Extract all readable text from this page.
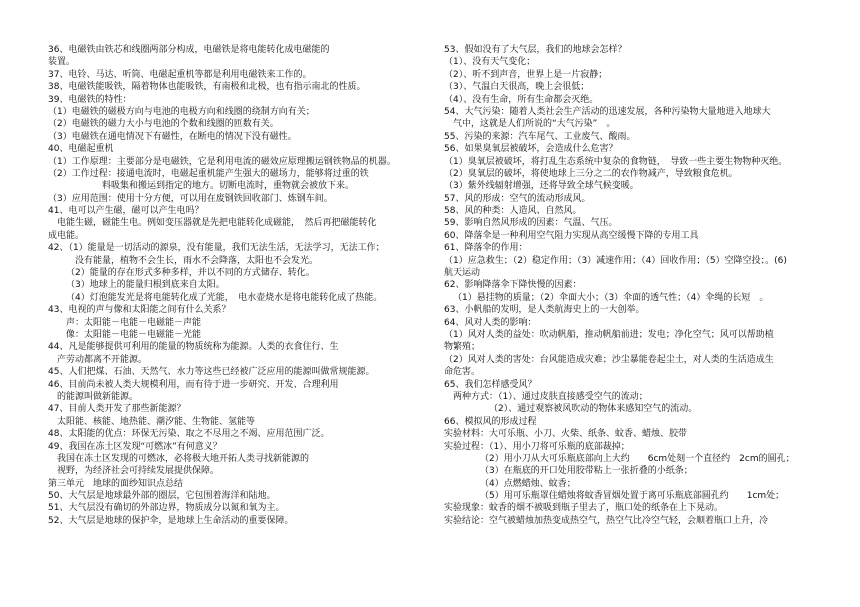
36、电磁铁由铁芯和线圈两部分构成，电磁铁是将电能转化成电磁能的
装置。
37、电铃、马达、听筒、电磁起重机等都是利用电磁铁来工作的。
38、电磁铁能吸铁，隔着物体也能吸铁，有南极和北极，也有指示南北的性质。
39、电磁铁的特性：
（1）电磁铁的磁极方向与电池的电极方向和线圈的绕制方向有关；
（2）电磁铁的磁力大小与电池的个数和线圈的匝数有关。
（3）电磁铁在通电情况下有磁性，在断电的情况下没有磁性。
40、电磁起重机
（1）工作原理：主要部分是电磁铁，它是利用电流的磁效应原理搬运钢铁物品的机器。
（2）工作过程：接通电流时，电磁起重机能产生强大的磁场力，能够将过重的铁
料吸集和搬运到指定的地方。切断电流时，重物就会被放下来。
（3）应用范围：使用十分方便，可以用在废钢铁回收部门、炼钢车间。
41、电可以产生磁，磁可以产生电吗？
电能生磁，磁能生电。例如变压器就是先把电能转化成磁能，　然后再把磁能转化
成电能。
42、（1）能量是一切活动的源泉，没有能量，我们无法生活，无法学习，无法工作；
没有能量，植物不会生长，雨水不会降落，太阳也不会发光。
（2）能量的存在形式多种多样，并以不同的方式储存、转化。
（3）地球上的能量归根到底来自太阳。
（4）灯泡能发光是将电能转化成了光能，　电水壶烧水是将电能转化成了热能。
43、电视的声与像和太阳能之间有什么关系？
声：太阳能－电能－电磁能－声能
像：太阳能－电能－电磁能－光能
44、凡是能够提供可利用的能量的物质统称为能源。人类的衣食住行、生
产劳动都离不开能源。
45、人们把煤、石油、天然气、水力等这些已经被广泛应用的能源叫做常规能源。
46、目前尚未被人类大规模利用，而有待于进一步研究、开发、合理利用
的能源叫做新能源。
47、目前人类开发了那些新能源？
太阳能、核能、地热能、潮汐能、生物能、氢能等
48、太阳能的优点：环保无污染、取之不尽用之不竭、应用范围广泛。
49、我国在冻土区发现“可燃冰”有何意义？
我国在冻土区发现的可燃冰，必将极大地开拓人类寻找新能源的
视野，为经济社会可持续发展提供保障。
第三单元　地球的面纱知识点总结
50、大气层是地球最外部的圈层，它包围着海洋和陆地。
51、大气层没有确切的外部边界，物质成分以氮和氧为主。
52、大气层是地球的保护伞，是地球上生命活动的重要保障。
53、假如没有了大气层，我们的地球会怎样？
（1）、没有天气变化；
（2）、听不到声音，世界上是一片寂静；
（3）、气温白天很高，晚上会很低；
（4）、没有生命，所有生命都会灭绝。
54、大气污染：随着人类社会生产活动的迅速发展，各种污染物大量地进入地球大
气中，这就是人们所说的“大气污染”　。
55、污染的来源：汽车尾气、工业废气、酸雨。
56、如果臭氧层被破坏，会造成什么危害？
（1）臭氧层被破坏，将打乱生态系统中复杂的食物链，　导致一些主要生物物种灭绝。
（2）臭氧层的破坏，将使地球上三分之二的农作物减产，导致粮食危机。
（3）紫外线辐射增强，还将导致全球气候变暖。
57、风的形成：空气的流动形成风。
58、风的种类：人造风、自然风。
59、影响自然风形成的因素：气温、气压。
60、降落伞是一种利用空气阻力实现从高空缓慢下降的专用工具
61、降落伞的作用：
（1）应急救生；（2）稳定作用；（3）减速作用；（4）回收作用；（5）空降空投；。(6)
航天运动
62、影响降落伞下降快慢的因素：
（1）悬挂物的质量；（2）伞面大小；（3）伞面的透气性；（4）伞绳的长短　。
63、小帆船的发明，是人类航海史上的一大创举。
64、风对人类的影响：
（1）风对人类的益处：吹动帆船，推动帆船前进；发电；净化空气；风可以帮助植
物繁殖；
（2）风对人类的害处：台风能造成灾难；沙尘暴能卷起尘土，对人类的生活造成生
命危害。
65、我们怎样感受风？
两种方式：（1）、通过皮肤直接感受空气的流动；
（2）、通过观察被风吹动的物体来感知空气的流动。
66、模拟风的形成过程
实验材料：大可乐瓶、小刀、火柴、纸条、蚊香、蜡烛、胶带
实验过程：（1）、用小刀将可乐瓶的底部裁掉；
（2）用小刀从大可乐瓶底部向上大约　　6cm处刻一个直径约　2cm的圆孔；
（3）在瓶底的开口处用胶带粘上一张折叠的小纸条；
（4）点燃蜡烛、蚊香；
（5）用可乐瓶罩住蜡烛将蚊香冒烟处置于离可乐瓶底部圆孔约　　1cm处；
实验现象：蚊香的烟不被吸到瓶子里去了，瓶口处的纸条在上下晃动。
实验结论：空气被蜡烛加热变成热空气，热空气比冷空气轻，会顺着瓶口上升，冷
